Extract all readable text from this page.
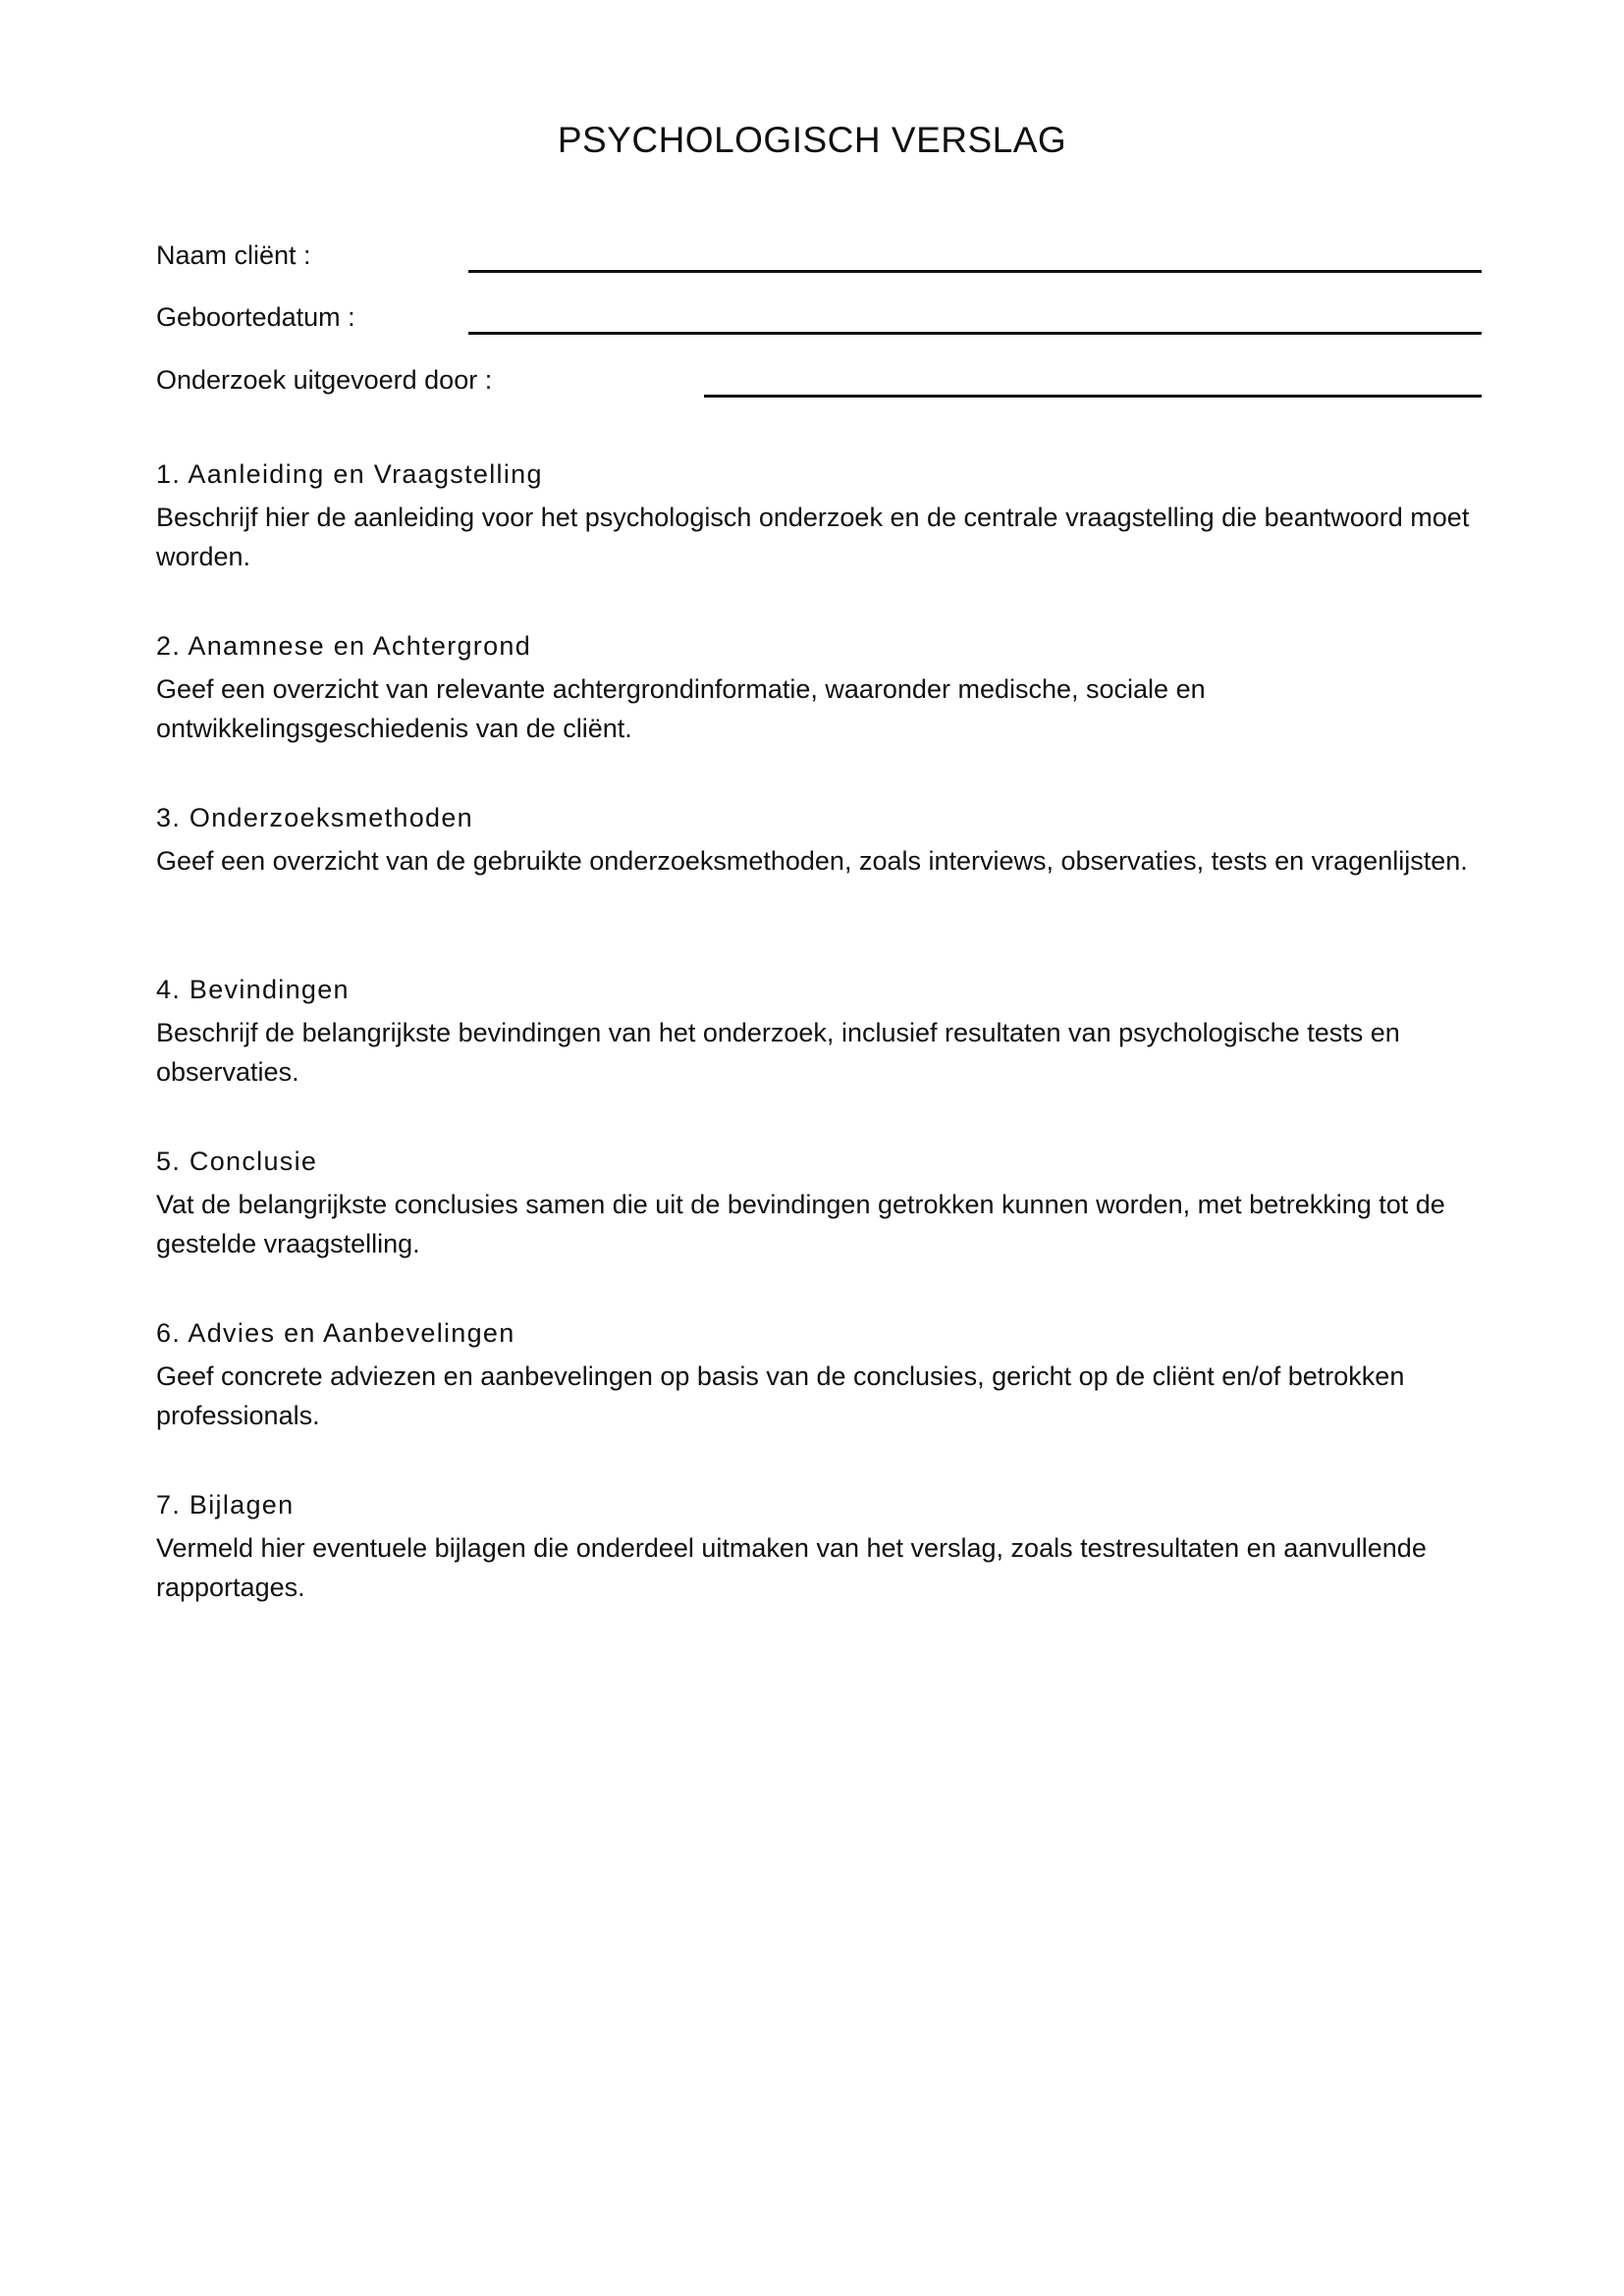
PSYCHOLOGISCH VERSLAG
Naam cliënt :
Geboortedatum :
Onderzoek uitgevoerd door :

1. Aanleiding en Vraagstelling

Beschrijf hier de aanleiding voor het psychologisch onderzoek en de centrale vraagstelling die beantwoord moet worden.

2. Anamnese en Achtergrond

Geef een overzicht van relevante achtergrondinformatie, waaronder medische, sociale en ontwikkelingsgeschiedenis van de cliënt.

3. Onderzoeksmethoden

Geef een overzicht van de gebruikte onderzoeksmethoden, zoals interviews, observaties, tests en vragenlijsten.

4. Bevindingen

Beschrijf de belangrijkste bevindingen van het onderzoek, inclusief resultaten van psychologische tests en observaties.

5. Conclusie

Vat de belangrijkste conclusies samen die uit de bevindingen getrokken kunnen worden, met betrekking tot de gestelde vraagstelling.

6. Advies en Aanbevelingen

Geef concrete adviezen en aanbevelingen op basis van de conclusies, gericht op de cliënt en/of betrokken professionals.

7. Bijlagen

Vermeld hier eventuele bijlagen die onderdeel uitmaken van het verslag, zoals testresultaten en aanvullende rapportages.
